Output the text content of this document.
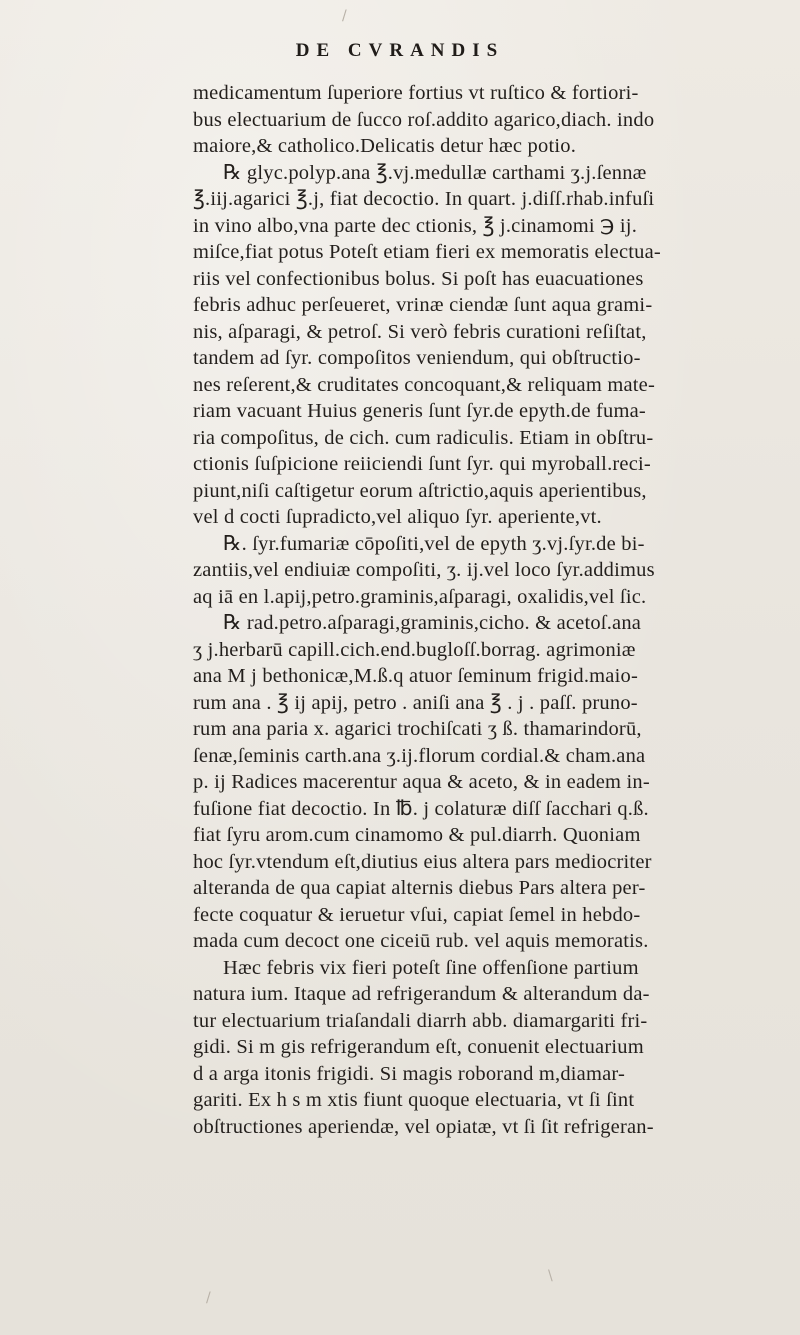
/
DE CVRANDIS
medicamentum ſuperiore fortius vt ruſtico & fortiori-
bus electuarium de ſucco roſ.addito agarico,diach. indo
maiore,& catholico.Delicatis detur hæc potio.
℞ glyc.polyp.ana ℥.vj.medullæ carthami ʒ.j.ſennæ
℥.iij.agarici ℥.j, fiat decoctio. In quart. j.diſſ.rhab.infuſi
in vino albo,vna parte dec ctionis, ℥ j.cinamomi ℈ ij.
miſce,fiat potus Poteſt etiam fieri ex memoratis electua-
riis vel confectionibus bolus. Si poſt has euacuationes
febris adhuc perſeueret, vrinæ ciendæ ſunt aqua grami-
nis, aſparagi, & petroſ. Si verò febris curationi reſiſtat,
tandem ad ſyr. compoſitos veniendum, qui obſtructio-
nes reſerent,& cruditates concoquant,& reliquam mate-
riam vacuant Huius generis ſunt ſyr.de epyth.de fuma-
ria compoſitus, de cich. cum radiculis. Etiam in obſtru-
ctionis ſuſpicione reiiciendi ſunt ſyr. qui myroball.reci-
piunt,niſi caſtigetur eorum aſtrictio,aquis aperientibus,
vel d cocti ſupradicto,vel aliquo ſyr. aperiente,vt.
℞. ſyr.fumariæ cōpoſiti,vel de epyth ʒ.vj.ſyr.de bi-
zantiis,vel endiuiæ compoſiti, ʒ. ij.vel loco ſyr.addimus
aq iā en l.apij,petro.graminis,aſparagi, oxalidis,vel ſic.
℞ rad.petro.aſparagi,graminis,cicho. & acetoſ.ana
ʒ j.herbarū capill.cich.end.bugloſſ.borrag. agrimoniæ
ana M j bethonicæ,M.ß.q atuor ſeminum frigid.maio-
rum ana . ℥ ij apij, petro . aniſi ana ℥ . j . paſſ. pruno-
rum ana paria x. agarici trochiſcati ʒ ß. thamarindorū,
ſenæ,ſeminis carth.ana ʒ.ij.florum cordial.& cham.ana
p. ij Radices macerentur aqua & aceto, & in eadem in-
fuſione fiat decoctio. In ℔. j colaturæ diſſ ſacchari q.ß.
fiat ſyru arom.cum cinamomo & pul.diarrh. Quoniam
hoc ſyr.vtendum eſt,diutius eius altera pars mediocriter
alteranda de qua capiat alternis diebus Pars altera per-
fecte coquatur & ieruetur vſui, capiat ſemel in hebdo-
mada cum decoct one ciceiū rub. vel aquis memoratis.
Hæc febris vix fieri poteſt ſine offenſione partium
natura ium. Itaque ad refrigerandum & alterandum da-
tur electuarium triaſandali diarrh abb. diamargariti fri-
gidi. Si m gis refrigerandum eſt, conuenit electuarium
d a arga itonis frigidi. Si magis roborand m,diamar-
gariti. Ex h s m xtis fiunt quoque electuaria, vt ſi ſint
obſtructiones aperiendæ, vel opiatæ, vt ſi ſit refrigeran-
\
/
